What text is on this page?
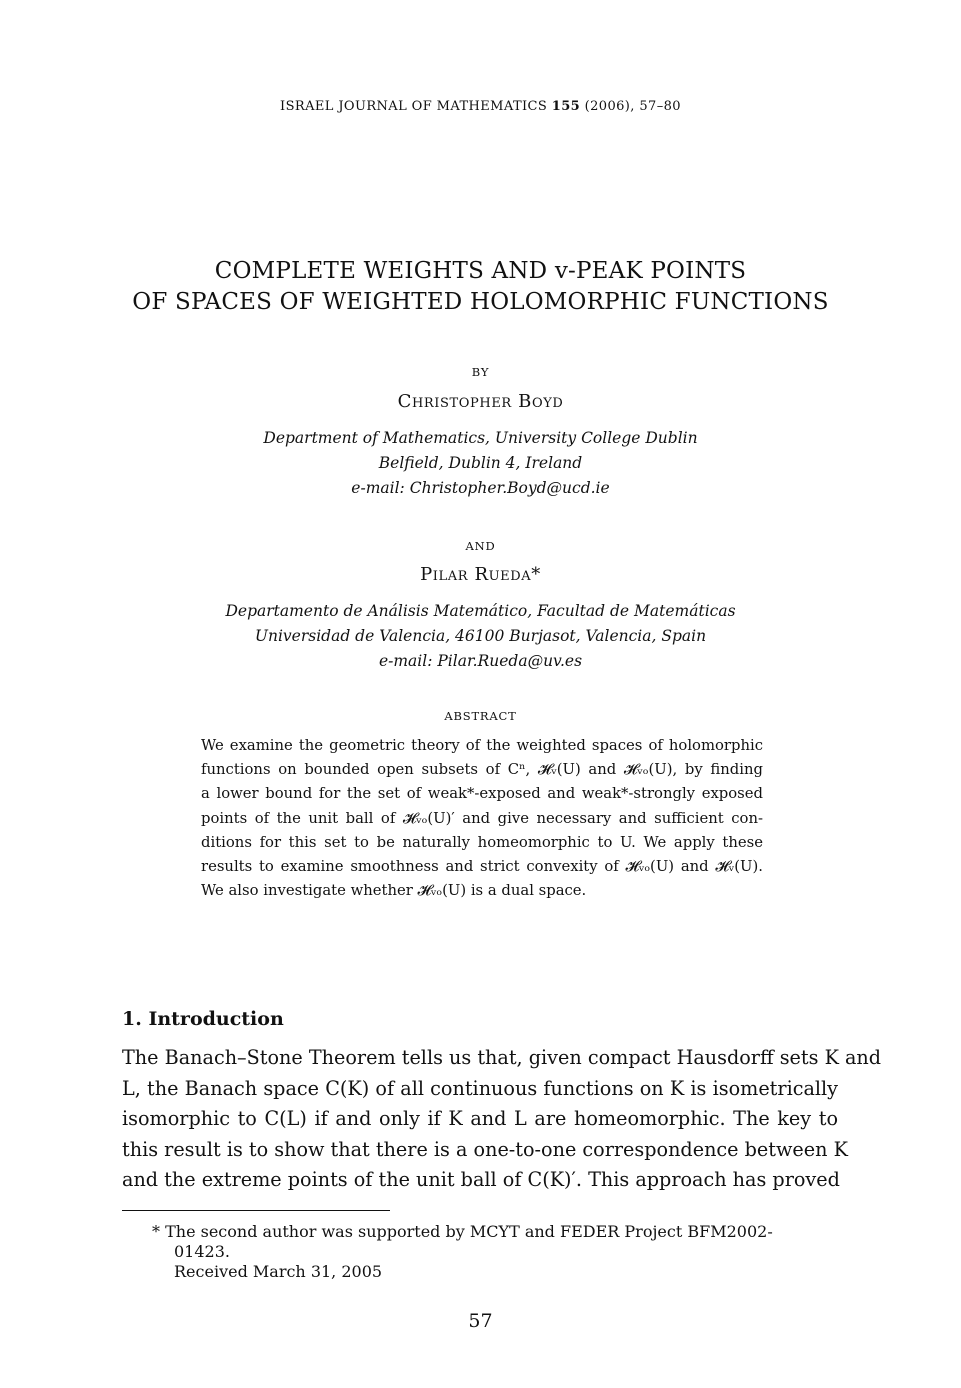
ISRAEL JOURNAL OF MATHEMATICS 155 (2006), 57–80
COMPLETE WEIGHTS AND v-PEAK POINTS
OF SPACES OF WEIGHTED HOLOMORPHIC FUNCTIONS
BY
Christopher Boyd
Department of Mathematics, University College Dublin
Belfield, Dublin 4, Ireland
e-mail: Christopher.Boyd@ucd.ie
AND
Pilar Rueda*
Departamento de Análisis Matemático, Facultad de Matemáticas
Universidad de Valencia, 46100 Burjasot, Valencia, Spain
e-mail: Pilar.Rueda@uv.es
ABSTRACT
We examine the geometric theory of the weighted spaces of holomorphic
functions on bounded open subsets of Cⁿ, 𝓗ᵥ(U) and 𝓗ᵥₒ(U), by finding
a lower bound for the set of weak*-exposed and weak*-strongly exposed
points of the unit ball of 𝓗ᵥₒ(U)′ and give necessary and sufficient con-
ditions for this set to be naturally homeomorphic to U. We apply these
results to examine smoothness and strict convexity of 𝓗ᵥₒ(U) and 𝓗ᵥ(U).
We also investigate whether 𝓗ᵥₒ(U) is a dual space.
1. Introduction
The Banach–Stone Theorem tells us that, given compact Hausdorff sets K and
L, the Banach space C(K) of all continuous functions on K is isometrically
isomorphic to C(L) if and only if K and L are homeomorphic. The key to
this result is to show that there is a one-to-one correspondence between K
and the extreme points of the unit ball of C(K)′. This approach has proved
* The second author was supported by MCYT and FEDER Project BFM2002-
01423.
Received March 31, 2005
57
